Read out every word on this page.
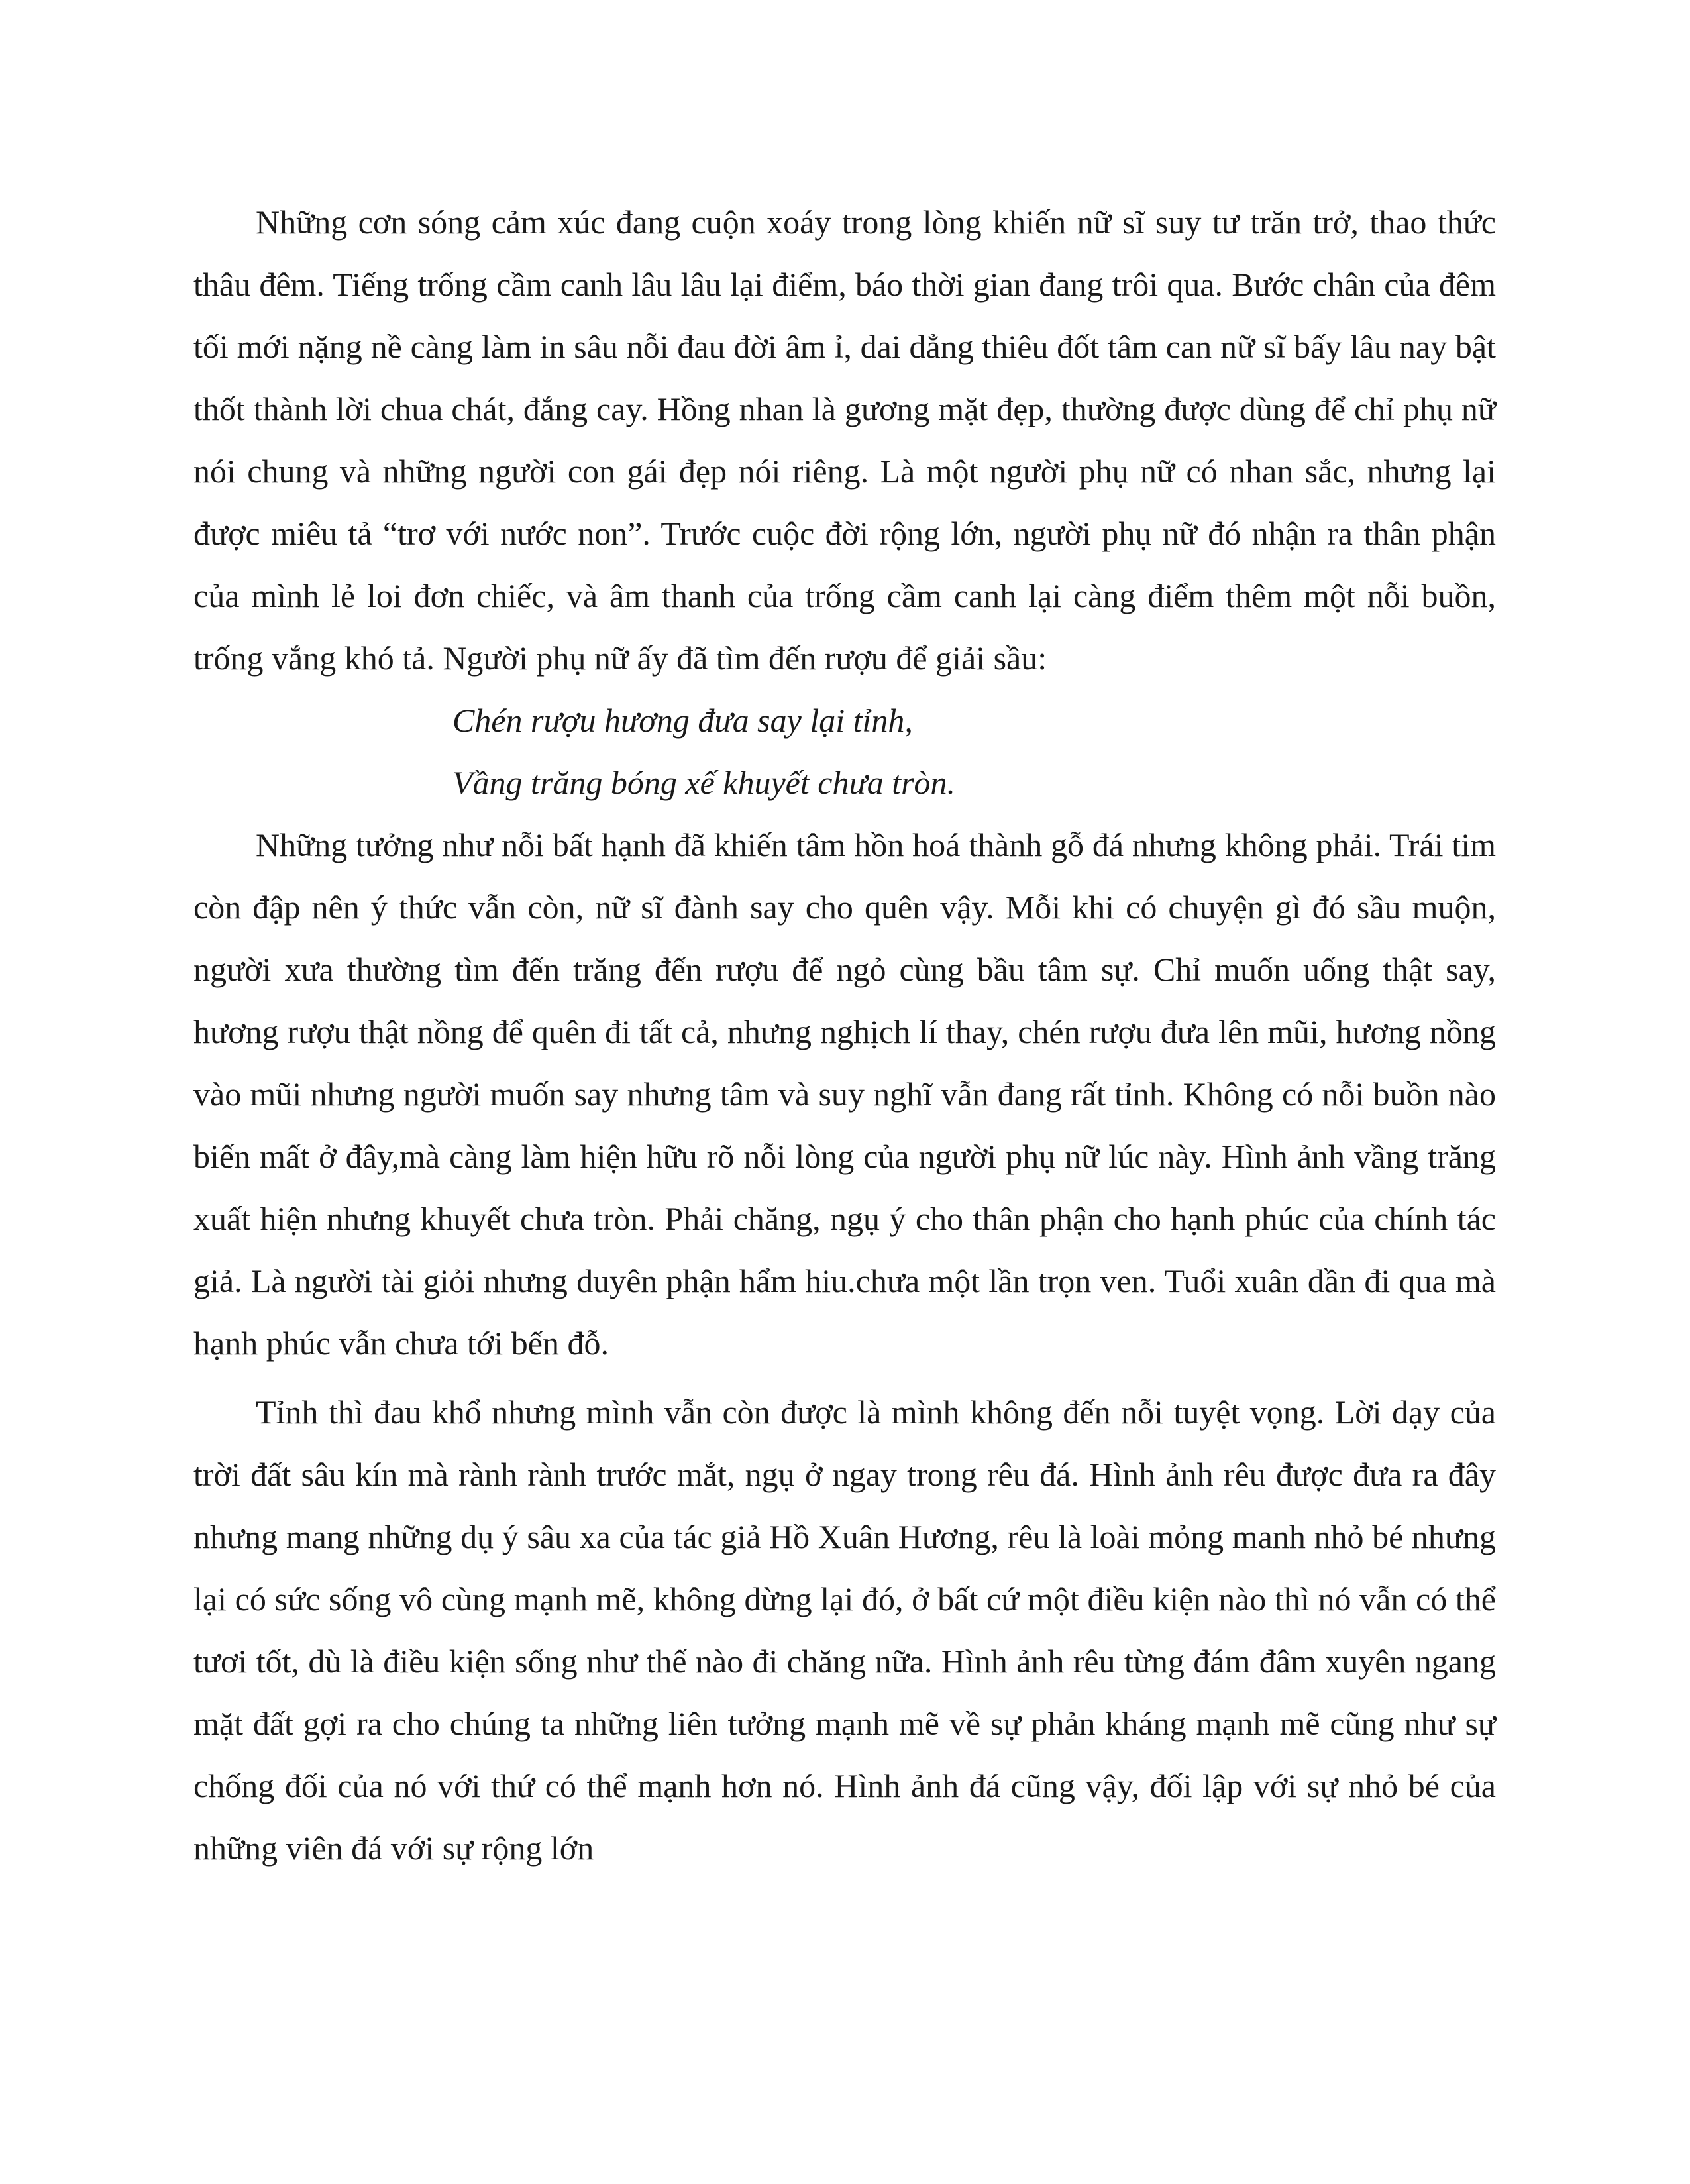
Những cơn sóng cảm xúc đang cuộn xoáy trong lòng khiến nữ sĩ suy tư trăn trở, thao thức thâu đêm. Tiếng trống cầm canh lâu lâu lại điểm, báo thời gian đang trôi qua. Bước chân của đêm tối mới nặng nề càng làm in sâu nỗi đau đời âm ỉ, dai dẳng thiêu đốt tâm can nữ sĩ bấy lâu nay bật thốt thành lời chua chát, đắng cay. Hồng nhan là gương mặt đẹp, thường được dùng để chỉ phụ nữ nói chung và những người con gái đẹp nói riêng. Là một người phụ nữ có nhan sắc, nhưng lại được miêu tả “trơ với nước non”. Trước cuộc đời rộng lớn, người phụ nữ đó nhận ra thân phận của mình lẻ loi đơn chiếc, và âm thanh của trống cầm canh lại càng điểm thêm một nỗi buồn, trống vắng khó tả. Người phụ nữ ấy đã tìm đến rượu để giải sầu:

Chén rượu hương đưa say lại tỉnh,

Vầng trăng bóng xế khuyết chưa tròn.

Những tưởng như nỗi bất hạnh đã khiến tâm hồn hoá thành gỗ đá nhưng không phải. Trái tim còn đập nên ý thức vẫn còn, nữ sĩ đành say cho quên vậy. Mỗi khi có chuyện gì đó sầu muộn, người xưa thường tìm đến trăng đến rượu để ngỏ cùng bầu tâm sự. Chỉ muốn uống thật say, hương rượu thật nồng để quên đi tất cả, nhưng nghịch lí thay, chén rượu đưa lên mũi, hương nồng vào mũi nhưng người muốn say nhưng tâm và suy nghĩ vẫn đang rất tỉnh. Không có nỗi buồn nào biến mất ở đây,mà càng làm hiện hữu rõ nỗi lòng của người phụ nữ lúc này. Hình ảnh vầng trăng xuất hiện nhưng khuyết chưa tròn. Phải chăng, ngụ ý cho thân phận cho hạnh phúc của chính tác giả. Là người tài giỏi nhưng duyên phận hẩm hiu.chưa một lần trọn ven. Tuổi xuân dần đi qua mà hạnh phúc vẫn chưa tới bến đỗ.

Tỉnh thì đau khổ nhưng mình vẫn còn được là mình không đến nỗi tuyệt vọng. Lời dạy của trời đất sâu kín mà rành rành trước mắt, ngụ ở ngay trong rêu đá. Hình ảnh rêu được đưa ra đây nhưng mang những dụ ý sâu xa của tác giả Hồ Xuân Hương, rêu là loài mỏng manh nhỏ bé nhưng lại có sức sống vô cùng mạnh mẽ, không dừng lại đó, ở bất cứ một điều kiện nào thì nó vẫn có thể tươi tốt, dù là điều kiện sống như thế nào đi chăng nữa. Hình ảnh rêu từng đám đâm xuyên ngang mặt đất gợi ra cho chúng ta những liên tưởng mạnh mẽ về sự phản kháng mạnh mẽ cũng như sự chống đối của nó với thứ có thể mạnh hơn nó. Hình ảnh đá cũng vậy, đối lập với sự nhỏ bé của những viên đá với sự rộng lớn
